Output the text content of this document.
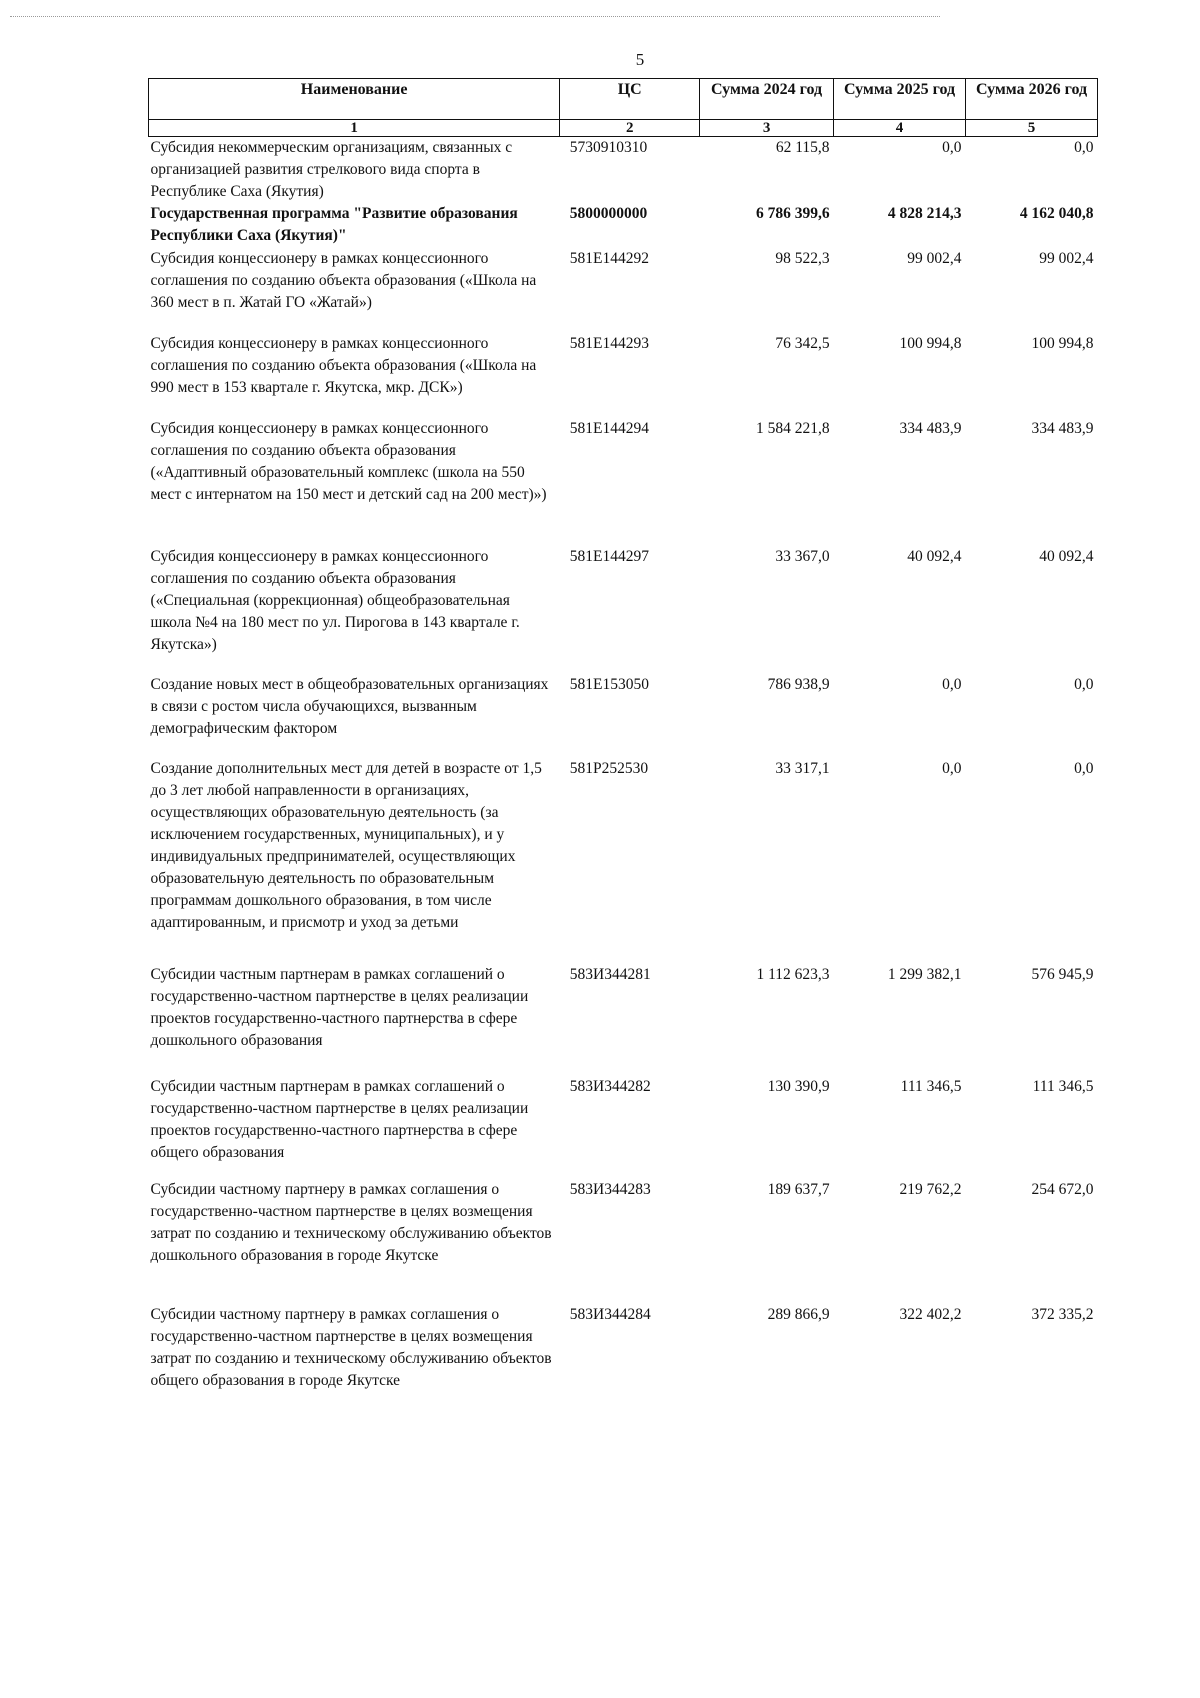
5
Наименование	ЦС	Сумма 2024 год	Сумма 2025 год	Сумма 2026 год
1	2	3	4	5
Субсидия некоммерческим организациям, связанных с организацией развития стрелкового вида спорта в Республике Саха (Якутия)	5730910310	62 115,8	0,0	0,0
Государственная программа "Развитие образования Республики Саха (Якутия)"	5800000000	6 786 399,6	4 828 214,3	4 162 040,8
Субсидия концессионеру в рамках концессионного соглашения по созданию объекта образования («Школа на 360 мест в п. Жатай ГО «Жатай»)	581E144292	98 522,3	99 002,4	99 002,4
Субсидия концессионеру в рамках концессионного соглашения по созданию объекта образования («Школа на 990 мест в 153 квартале г. Якутска, мкр. ДСК»)	581E144293	76 342,5	100 994,8	100 994,8
Субсидия концессионеру в рамках концессионного соглашения по созданию объекта образования («Адаптивный образовательный комплекс (школа на 550 мест с интернатом на 150 мест и детский сад на 200 мест)»)	581E144294	1 584 221,8	334 483,9	334 483,9
Субсидия концессионеру в рамках концессионного соглашения по созданию объекта образования («Специальная (коррекционная) общеобразовательная школа №4 на 180 мест по ул. Пирогова в 143 квартале г. Якутска»)	581E144297	33 367,0	40 092,4	40 092,4
Создание новых мест в общеобразовательных организациях в связи с ростом числа обучающихся, вызванным демографическим фактором	581E153050	786 938,9	0,0	0,0
Создание дополнительных мест для детей в возрасте от 1,5 до 3 лет любой направленности в организациях, осуществляющих образовательную деятельность (за исключением государственных, муниципальных), и у индивидуальных предпринимателей, осуществляющих образовательную деятельность по образовательным программам дошкольного образования, в том числе адаптированным, и присмотр и уход за детьми	581P252530	33 317,1	0,0	0,0
Субсидии частным партнерам в рамках соглашений о государственно-частном партнерстве в целях реализации проектов государственно-частного партнерства в сфере дошкольного образования	583И344281	1 112 623,3	1 299 382,1	576 945,9
Субсидии частным партнерам в рамках соглашений о государственно-частном партнерстве в целях реализации проектов государственно-частного партнерства в сфере общего образования	583И344282	130 390,9	111 346,5	111 346,5
Субсидии частному партнеру в рамках соглашения о государственно-частном партнерстве в целях возмещения затрат по созданию и техническому обслуживанию объектов дошкольного образования в городе Якутске	583И344283	189 637,7	219 762,2	254 672,0
Субсидии частному партнеру в рамках соглашения о государственно-частном партнерстве в целях возмещения затрат по созданию и техническому обслуживанию объектов общего образования в городе Якутске	583И344284	289 866,9	322 402,2	372 335,2
